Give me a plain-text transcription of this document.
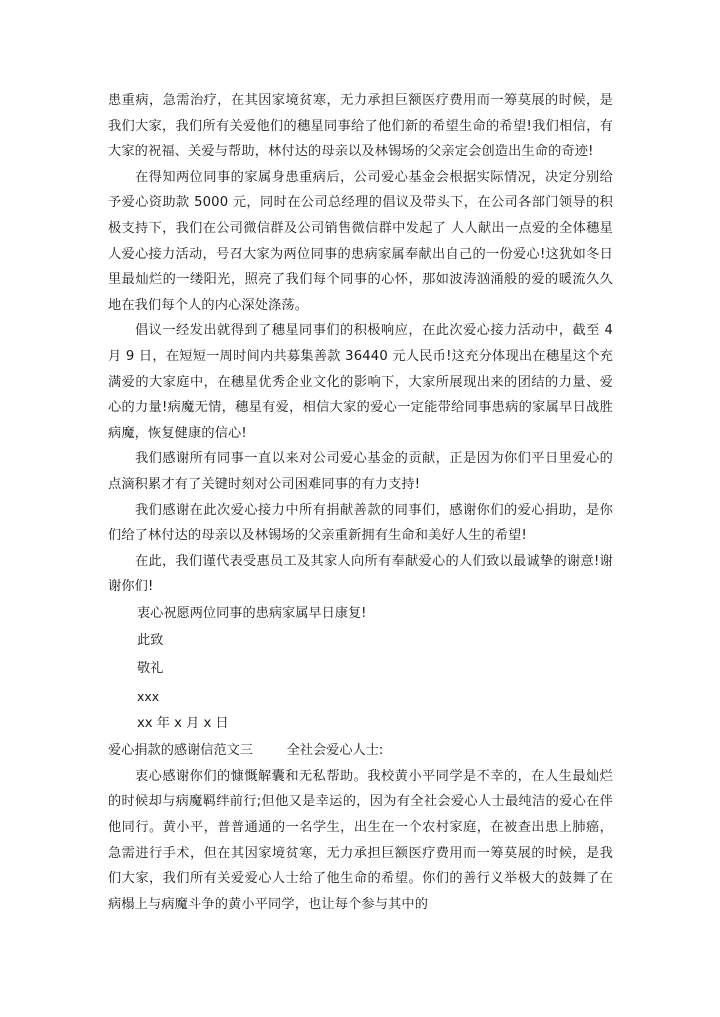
患重病，急需治疗，在其因家境贫寒，无力承担巨额医疗费用而一筹莫展的时候，是我们大家，我们所有关爱他们的穗星同事给了他们新的希望生命的希望!我们相信，有大家的祝福、关爱与帮助，林付达的母亲以及林锡场的父亲定会创造出生命的奇迹!

在得知两位同事的家属身患重病后，公司爱心基金会根据实际情况，决定分别给予爱心资助款 5000 元，同时在公司总经理的倡议及带头下，在公司各部门领导的积极支持下，我们在公司微信群及公司销售微信群中发起了 人人献出一点爱的全体穗星人爱心接力活动，号召大家为两位同事的患病家属奉献出自己的一份爱心!这犹如冬日里最灿烂的一缕阳光，照亮了我们每个同事的心怀，那如波涛汹涌般的爱的暖流久久地在我们每个人的内心深处涤荡。

倡议一经发出就得到了穗星同事们的积极响应，在此次爱心接力活动中，截至 4 月 9 日，在短短一周时间内共募集善款 36440 元人民币!这充分体现出在穗星这个充满爱的大家庭中，在穗星优秀企业文化的影响下，大家所展现出来的团结的力量、爱心的力量!病魔无情，穗星有爱，相信大家的爱心一定能带给同事患病的家属早日战胜病魔，恢复健康的信心!

我们感谢所有同事一直以来对公司爱心基金的贡献，正是因为你们平日里爱心的点滴积累才有了关键时刻对公司困难同事的有力支持!

我们感谢在此次爱心接力中所有捐献善款的同事们，感谢你们的爱心捐助，是你们给了林付达的母亲以及林锡场的父亲重新拥有生命和美好人生的希望!

在此，我们谨代表受惠员工及其家人向所有奉献爱心的人们致以最诚挚的谢意!谢谢你们!

衷心祝愿两位同事的患病家属早日康复!

此致

敬礼

xxx

xx 年 x 月 x 日

爱心捐款的感谢信范文三	全社会爱心人士:

衷心感谢你们的慷慨解囊和无私帮助。我校黄小平同学是不幸的，在人生最灿烂的时候却与病魔羁绊前行;但他又是幸运的，因为有全社会爱心人士最纯洁的爱心在伴他同行。黄小平，普普通通的一名学生，出生在一个农村家庭，在被查出患上肺癌，急需进行手术，但在其因家境贫寒，无力承担巨额医疗费用而一筹莫展的时候，是我们大家，我们所有关爱爱心人士给了他生命的希望。你们的善行义举极大的鼓舞了在病榻上与病魔斗争的黄小平同学，也让每个参与其中的
